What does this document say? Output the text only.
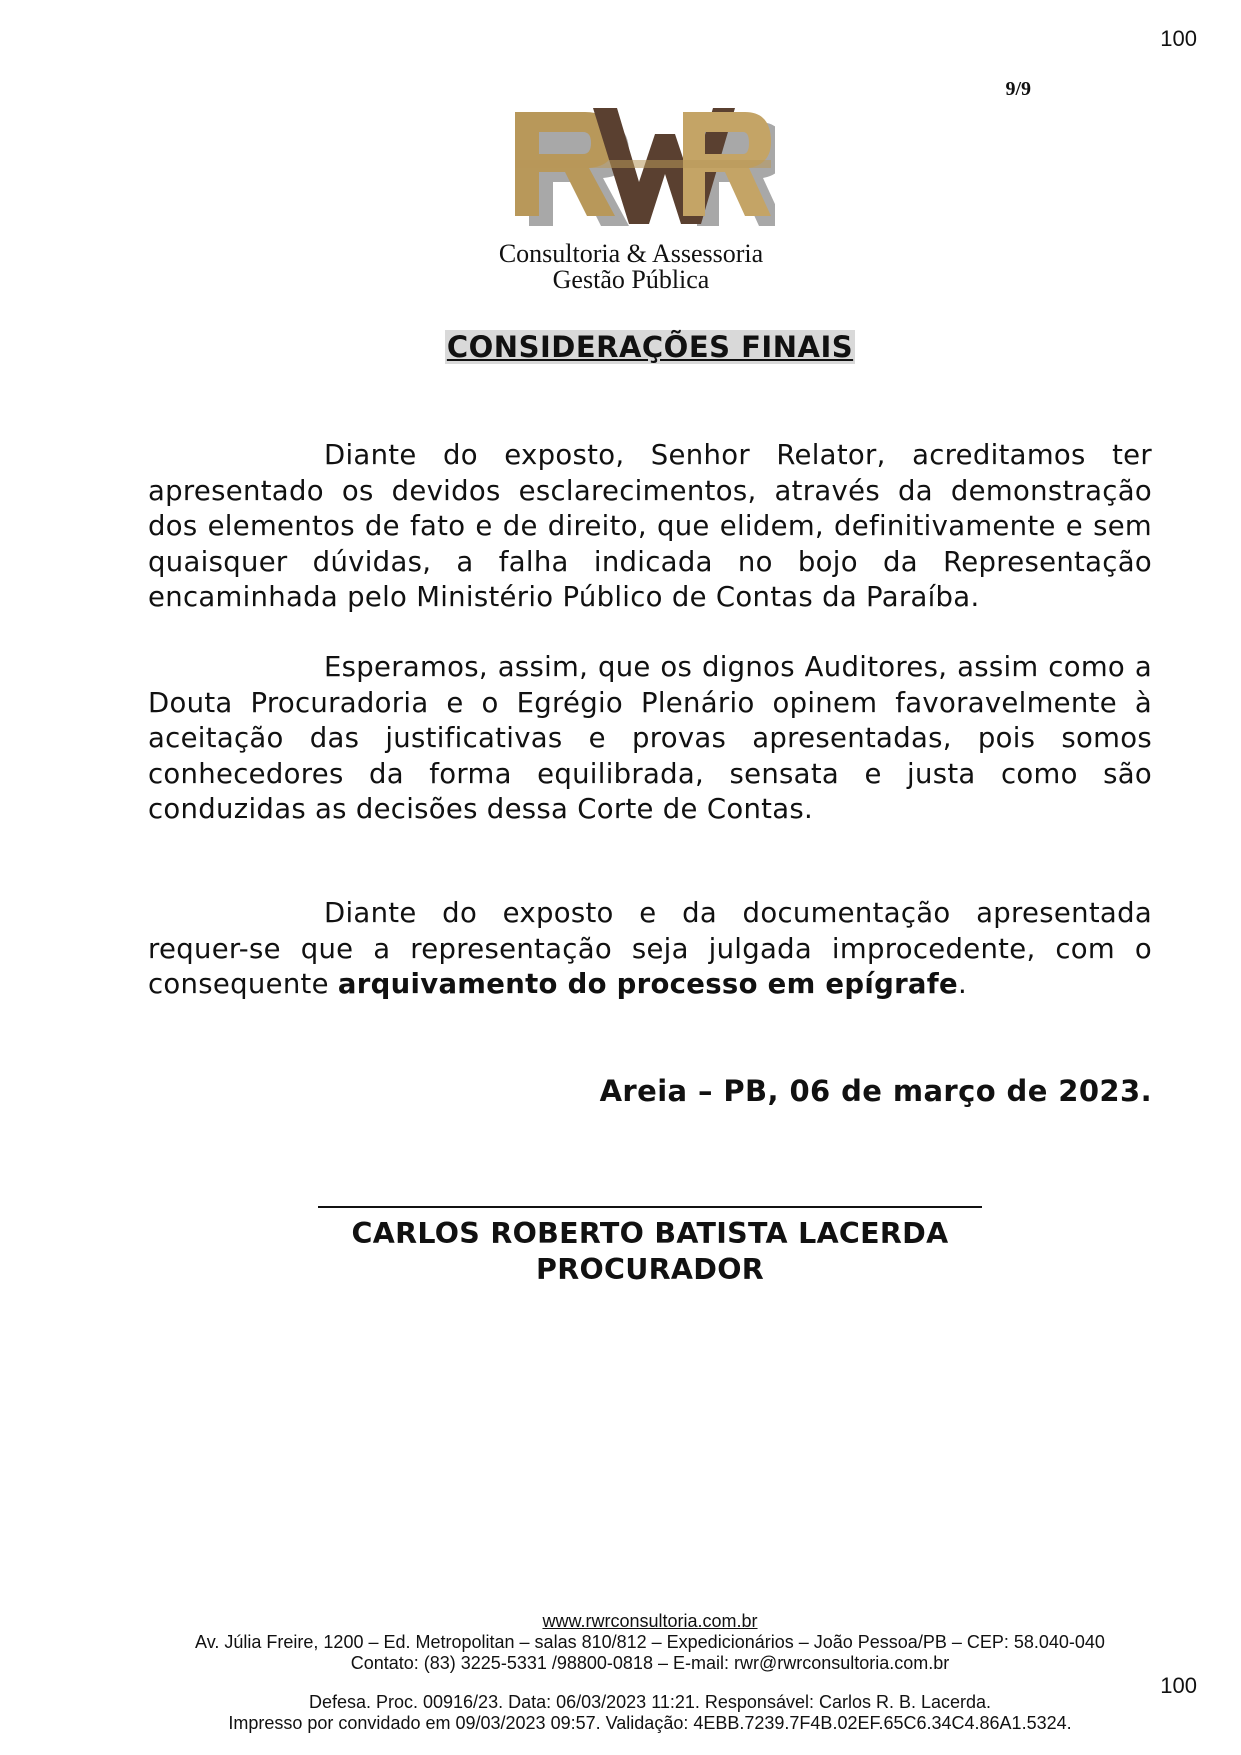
100
9/9
Consultoria & Assessoria
Gestão Pública
CONSIDERAÇÕES FINAIS
Diante do exposto, Senhor Relator, acreditamos ter apresentado os devidos esclarecimentos, através da demonstração dos elementos de fato e de direito, que elidem, definitivamente e sem quaisquer dúvidas, a falha indicada no bojo da Representação encaminhada pelo Ministério Público de Contas da Paraíba.
Esperamos, assim, que os dignos Auditores, assim como a Douta Procuradoria e o Egrégio Plenário opinem favoravelmente à aceitação das justificativas e provas apresentadas, pois somos conhecedores da forma equilibrada, sensata e justa como são conduzidas as decisões dessa Corte de Contas.
Diante do exposto e da documentação apresentada requer-se que a representação seja julgada improcedente, com o consequente arquivamento do processo em epígrafe.
Areia – PB, 06 de março de 2023.
CARLOS ROBERTO BATISTA LACERDA
PROCURADOR
www.rwrconsultoria.com.br
Av. Júlia Freire, 1200 – Ed. Metropolitan – salas 810/812 – Expedicionários – João Pessoa/PB – CEP: 58.040-040
Contato: (83) 3225-5331 /98800-0818 – E-mail: rwr@rwrconsultoria.com.br
100
Defesa. Proc. 00916/23. Data: 06/03/2023 11:21. Responsável: Carlos R. B. Lacerda.
Impresso por convidado em 09/03/2023 09:57. Validação: 4EBB.7239.7F4B.02EF.65C6.34C4.86A1.5324.
